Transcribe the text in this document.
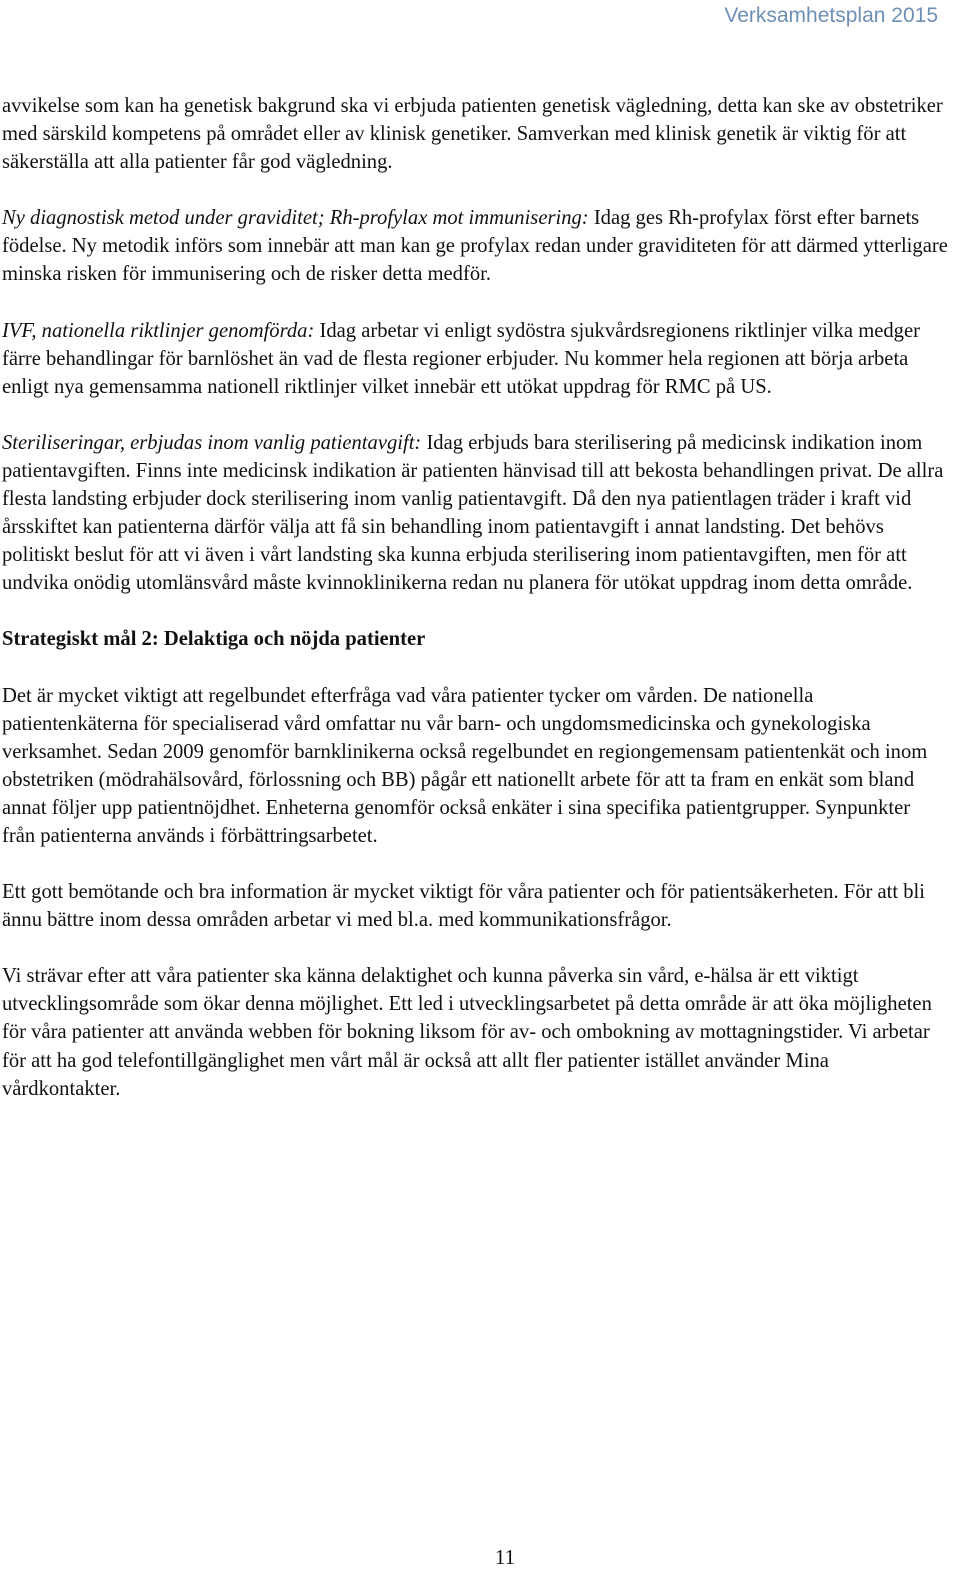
Verksamhetsplan 2015

avvikelse som kan ha genetisk bakgrund ska vi erbjuda patienten genetisk vägledning, detta kan ske av obstetriker med särskild kompetens på området eller av klinisk genetiker. Samverkan med klinisk genetik är viktig för att säkerställa att alla patienter får god vägledning.

Ny diagnostisk metod under graviditet; Rh-profylax mot immunisering: Idag ges Rh-profylax först efter barnets födelse. Ny metodik införs som innebär att man kan ge profylax redan under graviditeten för att därmed ytterligare minska risken för immunisering och de risker detta medför.

IVF, nationella riktlinjer genomförda: Idag arbetar vi enligt sydöstra sjukvårdsregionens riktlinjer vilka medger färre behandlingar för barnlöshet än vad de flesta regioner erbjuder. Nu kommer hela regionen att börja arbeta enligt nya gemensamma nationell riktlinjer vilket innebär ett utökat uppdrag för RMC på US.

Steriliseringar, erbjudas inom vanlig patientavgift: Idag erbjuds bara sterilisering på medicinsk indikation inom patientavgiften. Finns inte medicinsk indikation är patienten hänvisad till att bekosta behandlingen privat. De allra flesta landsting erbjuder dock sterilisering inom vanlig patientavgift. Då den nya patientlagen träder i kraft vid årsskiftet kan patienterna därför välja att få sin behandling inom patientavgift i annat landsting. Det behövs politiskt beslut för att vi även i vårt landsting ska kunna erbjuda sterilisering inom patientavgiften, men för att undvika onödig utomlänsvård måste kvinnoklinikerna redan nu planera för utökat uppdrag inom detta område.

Strategiskt mål 2: Delaktiga och nöjda patienter

Det är mycket viktigt att regelbundet efterfråga vad våra patienter tycker om vården. De nationella patientenkäterna för specialiserad vård omfattar nu vår barn- och ungdomsmedicinska och gynekologiska verksamhet. Sedan 2009 genomför barnklinikerna också regelbundet en regiongemensam patientenkät och inom obstetriken (mödrahälsovård, förlossning och BB) pågår ett nationellt arbete för att ta fram en enkät som bland annat följer upp patientnöjdhet. Enheterna genomför också enkäter i sina specifika patientgrupper. Synpunkter från patienterna används i förbättringsarbetet.

Ett gott bemötande och bra information är mycket viktigt för våra patienter och för patientsäkerheten. För att bli ännu bättre inom dessa områden arbetar vi med bl.a. med kommunikationsfrågor.

Vi strävar efter att våra patienter ska känna delaktighet och kunna påverka sin vård, e-hälsa är ett viktigt utvecklingsområde som ökar denna möjlighet. Ett led i utvecklingsarbetet på detta område är att öka möjligheten för våra patienter att använda webben för bokning liksom för av- och ombokning av mottagningstider. Vi arbetar för att ha god telefontillgänglighet men vårt mål är också att allt fler patienter istället använder Mina vårdkontakter.

11
